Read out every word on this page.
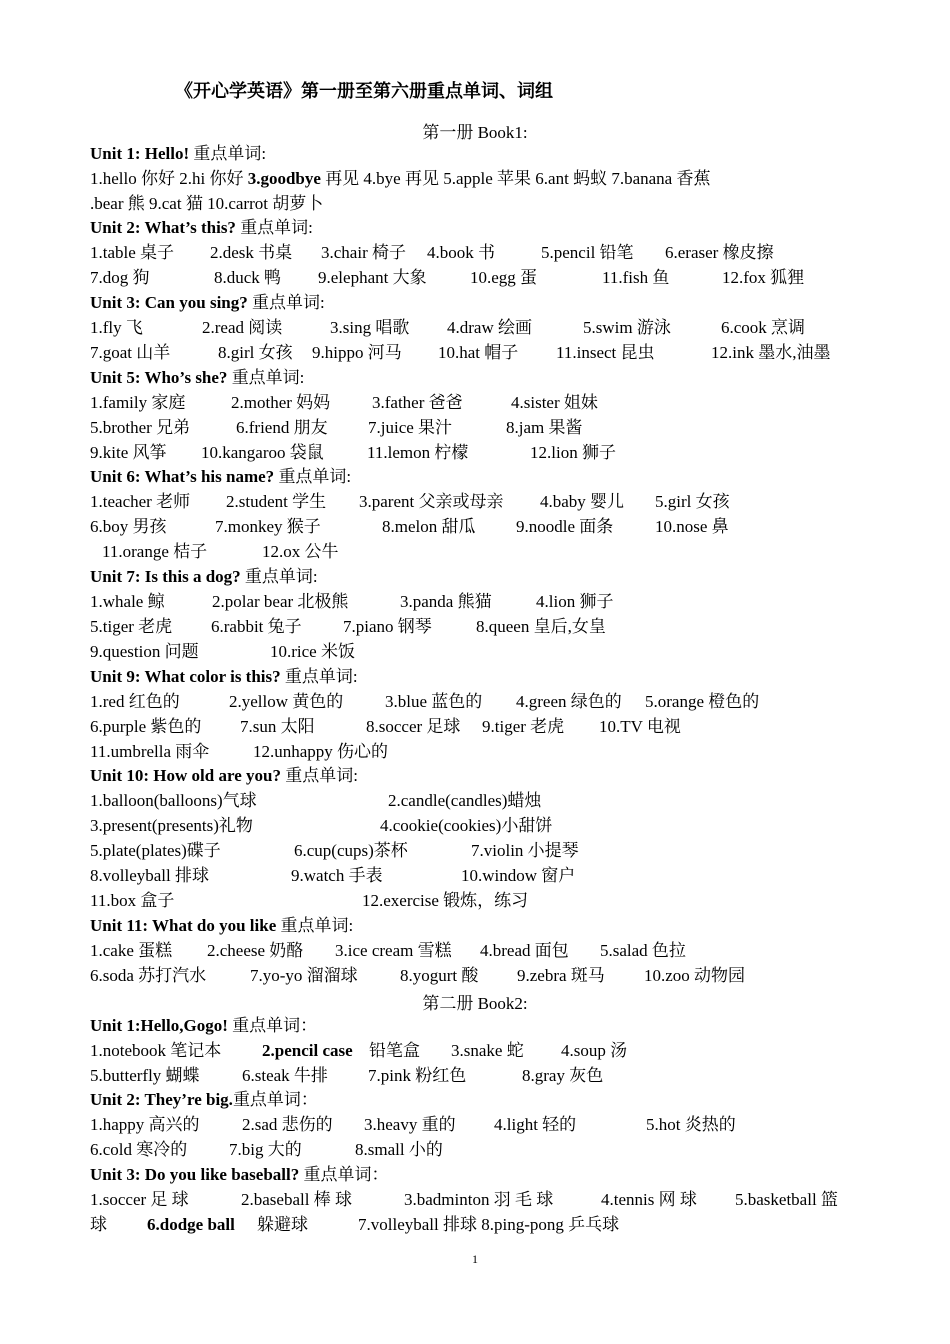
《开心学英语》第一册至第六册重点单词、词组
第一册 Book1:
Unit 1: Hello! 重点单词:
1.hello 你好 2.hi 你好 3.goodbye 再见 4.bye 再见 5.apple 苹果 6.ant 蚂蚁 7.banana 香蕉
.bear 熊 9.cat 猫 10.carrot 胡萝卜
Unit 2: What’s this? 重点单词:
1.table 桌子 2.desk 书桌 3.chair 椅子 4.book 书	5.pencil 铅笔 6.eraser 橡皮擦
7.dog 狗	8.duck 鸭 9.elephant 大象	10.egg 蛋	11.fish 鱼	12.fox 狐狸
Unit 3: Can you sing? 重点单词:
1.fly 飞	2.read 阅读	3.sing 唱歌 4.draw 绘画	5.swim 游泳	6.cook 烹调
7.goat 山羊	8.girl 女孩 9.hippo 河马 10.hat 帽子 11.insect 昆虫	12.ink 墨水,油墨
Unit 5: Who’s she? 重点单词:
1.family 家庭	2.mother 妈妈 3.father 爸爸	4.sister 姐妹
5.brother 兄弟	6.friend 朋友 7.juice 果汁	8.jam 果酱
9.kite 风筝 10.kangaroo 袋鼠	11.lemon 柠檬	12.lion 狮子
Unit 6: What’s his name? 重点单词:
1.teacher 老师 2.student 学生 3.parent 父亲或母亲 4.baby 婴儿 5.girl 女孩
6.boy 男孩	7.monkey 猴子	8.melon 甜瓜 9.noodle 面条 10.nose 鼻
11.orange 桔子	12.ox 公牛
Unit 7: Is this a dog? 重点单词:
1.whale 鲸	2.polar bear 北极熊	3.panda 熊猫	4.lion 狮子
5.tiger 老虎 6.rabbit 兔子 7.piano 钢琴	8.queen 皇后,女皇
9.question 问题	10.rice 米饭
Unit 9: What color is this? 重点单词:
1.red 红色的	2.yellow 黄色的 3.blue 蓝色的 4.green 绿色的 5.orange 橙色的
6.purple 紫色的 7.sun 太阳	8.soccer 足球 9.tiger 老虎 10.TV 电视
11.umbrella 雨伞	12.unhappy 伤心的
Unit 10: How old are you? 重点单词:
1.balloon(balloons)气球	2.candle(candles)蜡烛
3.present(presents)礼物	4.cookie(cookies)小甜饼
5.plate(plates)碟子	6.cup(cups)茶杯	7.violin 小提琴
8.volleyball 排球	9.watch 手表	10.window 窗户
11.box 盒子	12.exercise 锻炼，练习
Unit 11: What do you like 重点单词:
1.cake 蛋糕 2.cheese 奶酪 3.ice cream 雪糕 4.bread 面包 5.salad 色拉
6.soda 苏打汽水	7.yo-yo 溜溜球 8.yogurt 酸 9.zebra 斑马 10.zoo 动物园
第二册 Book2:
Unit 1:Hello,Gogo! 重点单词：
1.notebook 笔记本 2.pencil case 铅笔盒 3.snake 蛇 4.soup 汤
5.butterfly 蝴蝶 6.steak 牛排 7.pink 粉红色	8.gray 灰色
Unit 2: They’re big.重点单词：
1.happy 高兴的 2.sad 悲伤的 3.heavy 重的 4.light 轻的	5.hot 炎热的
6.cold 寒冷的 7.big 大的	8.small 小的
Unit 3: Do you like baseball? 重点单词：
1.soccer 足 球	2.baseball 棒 球	3.badminton 羽 毛 球	4.tennis 网 球 5.basketball 篮
球 6.dodge ball 躲避球	7.volleyball 排球 8.ping-pong 乒乓球
1
